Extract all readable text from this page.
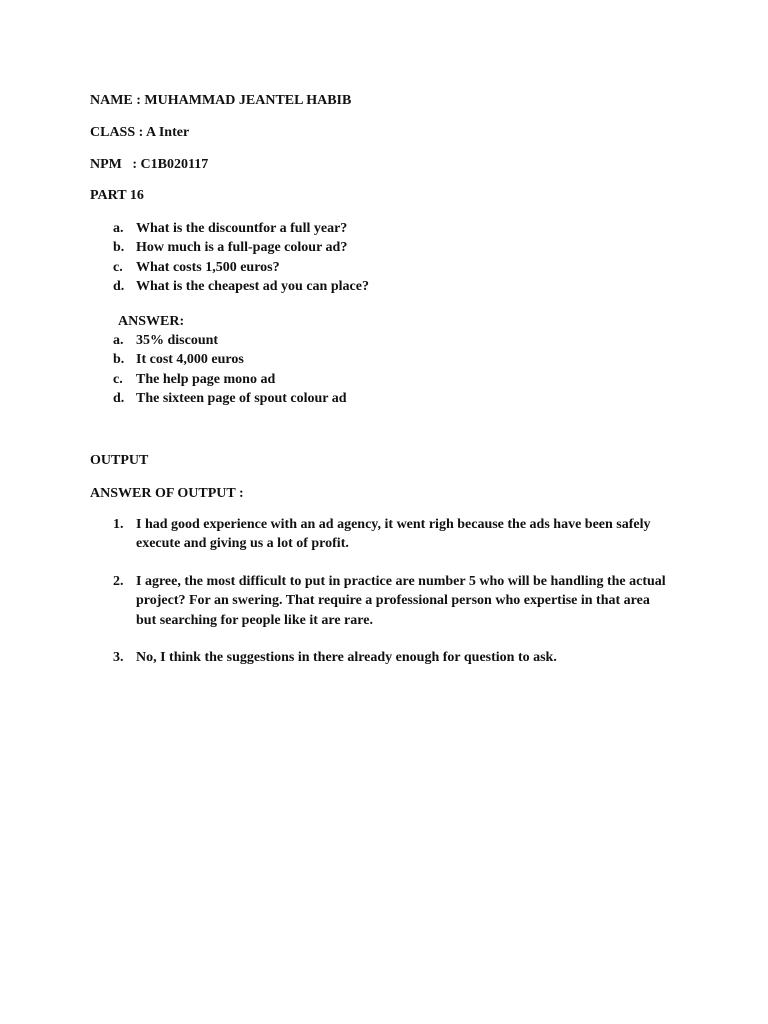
NAME : MUHAMMAD JEANTEL HABIB
CLASS : A Inter
NPM   : C1B020117
PART 16
a. What is the discountfor a full year?
b. How much is a full-page colour ad?
c. What costs 1,500 euros?
d. What is the cheapest ad you can place?
ANSWER:
a. 35% discount
b. It cost 4,000 euros
c. The help page mono ad
d. The sixteen page of spout colour ad
OUTPUT
ANSWER OF OUTPUT :
1. I had good experience with an ad agency, it went righ because the ads have been safely execute and giving us a lot of profit.
2. I agree, the most difficult to put in practice are number 5 who will be handling the actual project? For an swering. That require a professional person who expertise in that area but searching for people like it are rare.
3. No, I think the suggestions in there already enough for question to ask.
